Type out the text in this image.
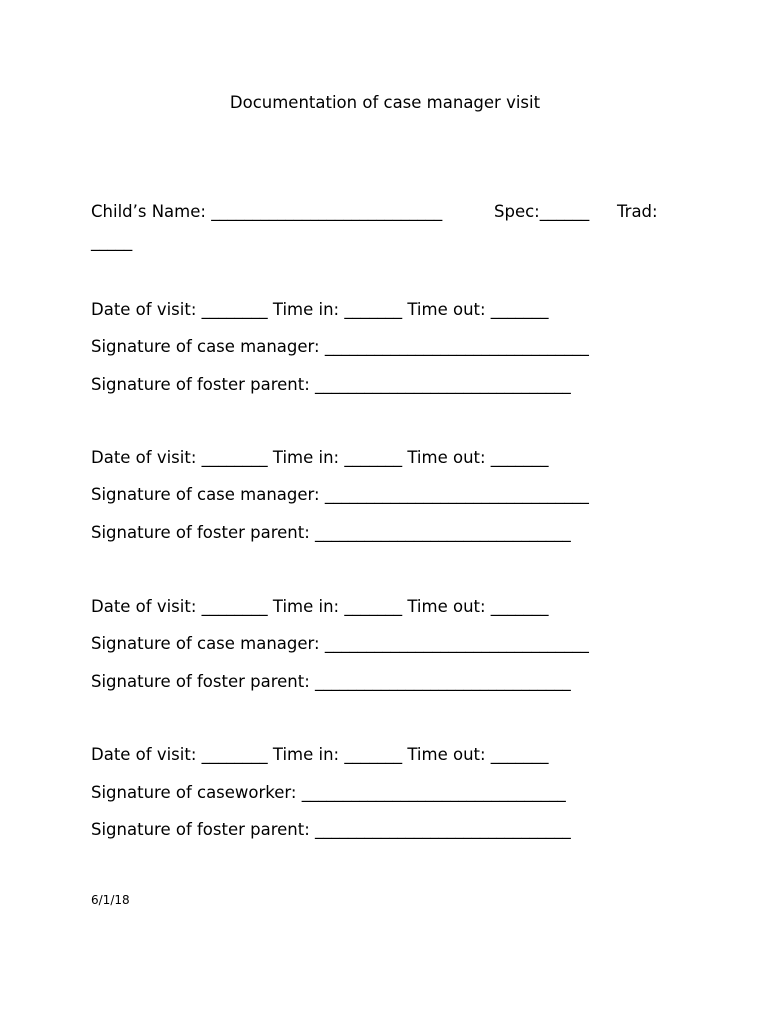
Documentation of case manager visit
Child’s Name: ____________________________	Spec:______ Trad:
_____
Date of visit: ________ Time in: _______ Time out: _______
Signature of case manager: ________________________________
Signature of foster parent: _______________________________
Date of visit: ________ Time in: _______ Time out: _______
Signature of case manager: ________________________________
Signature of foster parent: _______________________________
Date of visit: ________ Time in: _______ Time out: _______
Signature of case manager: ________________________________
Signature of foster parent: _______________________________
Date of visit: ________ Time in: _______ Time out: _______
Signature of caseworker: ________________________________
Signature of foster parent: _______________________________
6/1/18
